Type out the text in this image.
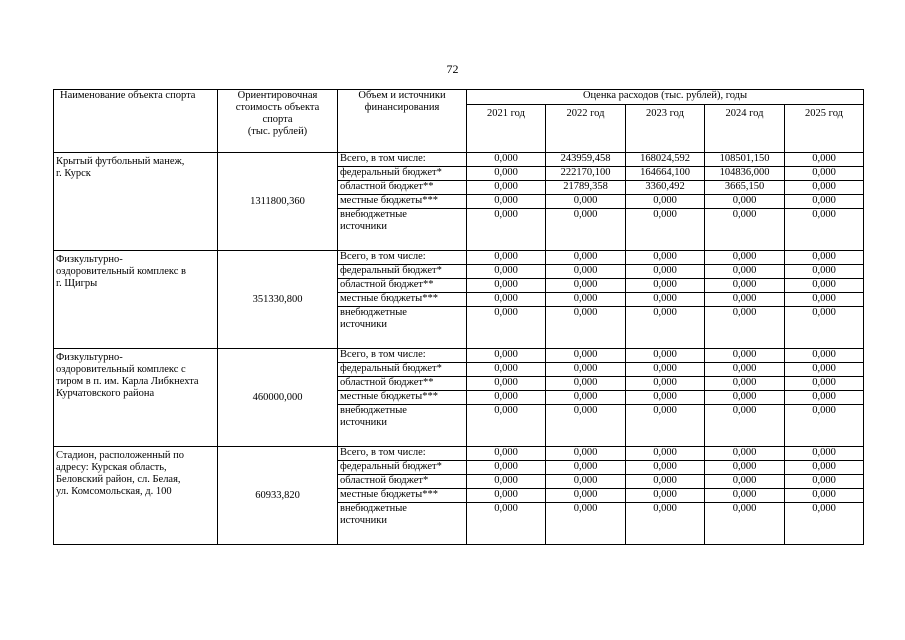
72
Наименование объекта спорта	Ориентировочная
стоимость объекта
спорта
(тыс. рублей)	Объем и источники
финансирования	Оценка расходов (тыс. рублей), годы				
			2021 год	2022 год	2023 год	2024 год	2025 год
Крытый футбольный манеж,
г. Курск	1311800,360	Всего, в том числе:	0,000	243959,458	168024,592	108501,150	0,000
		федеральный бюджет*	0,000	222170,100	164664,100	104836,000	0,000
		областной бюджет**	0,000	21789,358	3360,492	3665,150	0,000
		местные бюджеты***	0,000	0,000	0,000	0,000	0,000
		внебюджетные
источники	0,000	0,000	0,000	0,000	0,000
Физкультурно-
оздоровительный комплекс в
г. Щигры	351330,800	Всего, в том числе:	0,000	0,000	0,000	0,000	0,000
		федеральный бюджет*	0,000	0,000	0,000	0,000	0,000
		областной бюджет**	0,000	0,000	0,000	0,000	0,000
		местные бюджеты***	0,000	0,000	0,000	0,000	0,000
		внебюджетные
источники	0,000	0,000	0,000	0,000	0,000
Физкультурно-
оздоровительный комплекс с
тиром в п. им. Карла Либкнехта
Курчатовского района	460000,000	Всего, в том числе:	0,000	0,000	0,000	0,000	0,000
		федеральный бюджет*	0,000	0,000	0,000	0,000	0,000
		областной бюджет**	0,000	0,000	0,000	0,000	0,000
		местные бюджеты***	0,000	0,000	0,000	0,000	0,000
		внебюджетные
источники	0,000	0,000	0,000	0,000	0,000
Стадион, расположенный по
адресу: Курская область,
Беловский район, сл. Белая,
ул. Комсомольская, д. 100	60933,820	Всего, в том числе:	0,000	0,000	0,000	0,000	0,000
		федеральный бюджет*	0,000	0,000	0,000	0,000	0,000
		областной бюджет*	0,000	0,000	0,000	0,000	0,000
		местные бюджеты***	0,000	0,000	0,000	0,000	0,000
		внебюджетные
источники	0,000	0,000	0,000	0,000	0,000
